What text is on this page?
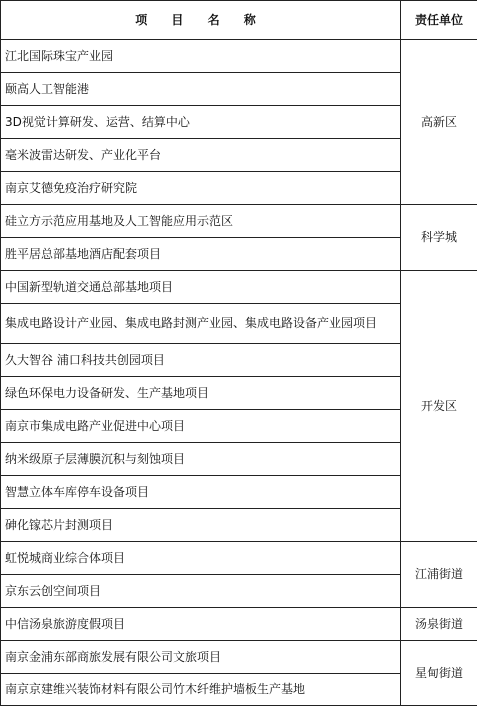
项 目 名 称	责任单位
江北国际珠宝产业园	高新区
颐高人工智能港	
3D视觉计算研发、运营、结算中心	
毫米波雷达研发、产业化平台	
南京艾德免疫治疗研究院	
硅立方示范应用基地及人工智能应用示范区	科学城
胜平居总部基地酒店配套项目	
中国新型轨道交通总部基地项目	开发区
集成电路设计产业园、集成电路封测产业园、集成电路设备产业园项目	
久大智谷 浦口科技共创园项目	
绿色环保电力设备研发、生产基地项目	
南京市集成电路产业促进中心项目	
纳米级原子层薄膜沉积与刻蚀项目	
智慧立体车库停车设备项目	
砷化镓芯片封测项目	
虹悦城商业综合体项目	江浦街道
京东云创空间项目	
中信汤泉旅游度假项目	汤泉街道
南京金浦东部商旅发展有限公司文旅项目	星甸街道
南京京建维兴装饰材料有限公司竹木纤维护墙板生产基地	
